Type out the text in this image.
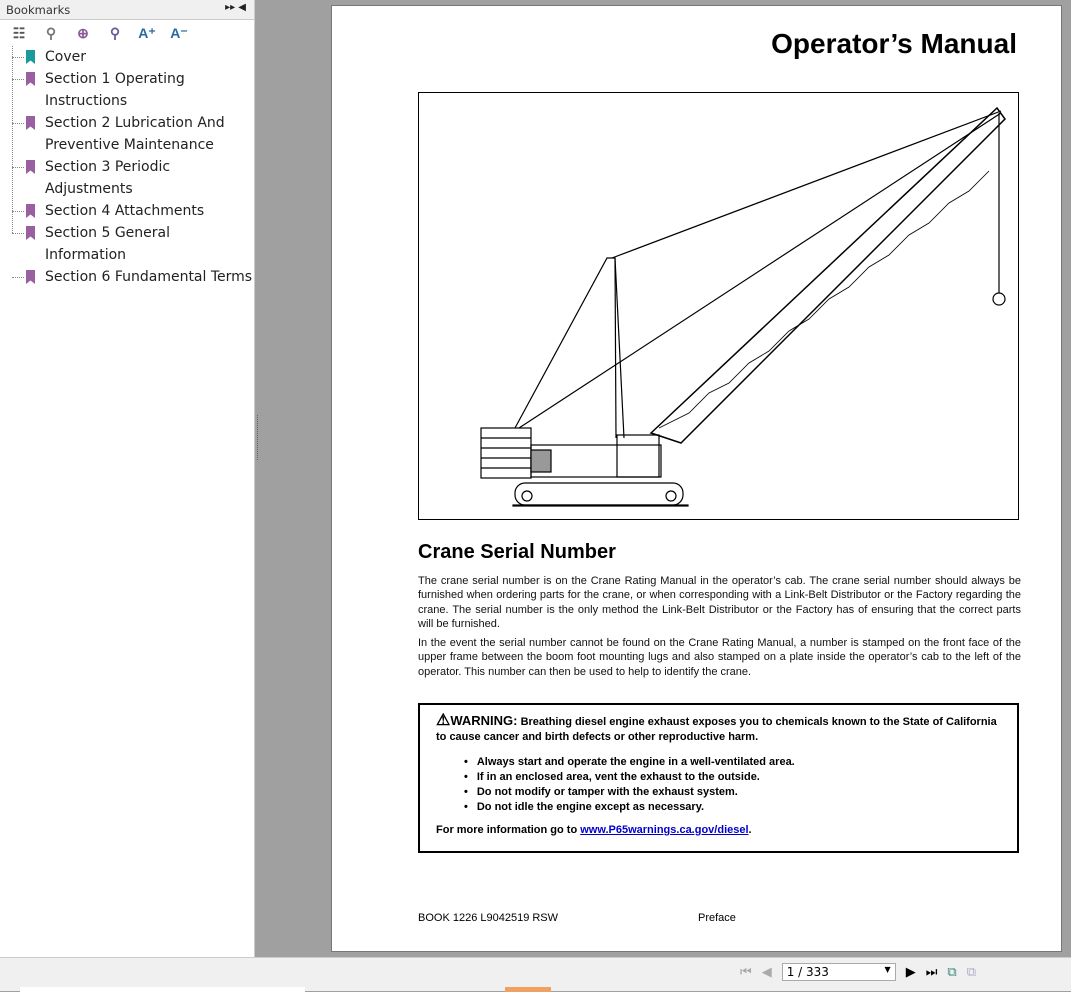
Bookmarks	▸▸ ◀
☷ ⚲ ⊕ ⚲ A⁺ A⁻
Cover
Section 1 Operating Instructions
Section 2 Lubrication And Preventive Maintenance
Section 3 Periodic Adjustments
Section 4 Attachments
Section 5 General Information
Section 6 Fundamental Terms
Operator’s Manual
Crane Serial Number
The crane serial number is on the Crane Rating Manual in the operator’s cab. The crane serial number should always be furnished when ordering parts for the crane, or when corresponding with a Link-Belt Distributor or the Factory regarding the crane. The serial number is the only method the Link-Belt Distributor or the Factory has of ensuring that the correct parts will be furnished.
In the event the serial number cannot be found on the Crane Rating Manual, a number is stamped on the front face of the upper frame between the boom foot mounting lugs and also stamped on a plate inside the operator’s cab to the left of the operator. This number can then be used to help to identify the crane.
⚠WARNING: Breathing diesel engine exhaust exposes you to chemicals known to the State of California to cause cancer and birth defects or other reproductive harm.
• Always start and operate the engine in a well-ventilated area.
• If in an enclosed area, vent the exhaust to the outside.
• Do not modify or tamper with the exhaust system.
• Do not idle the engine except as necessary.
For more information go to www.P65warnings.ca.gov/diesel.
BOOK 1226 L9042519 RSW	Preface
⏮ ◀	1 / 333	▼ ▶ ⏭ ⧉ ⧉
